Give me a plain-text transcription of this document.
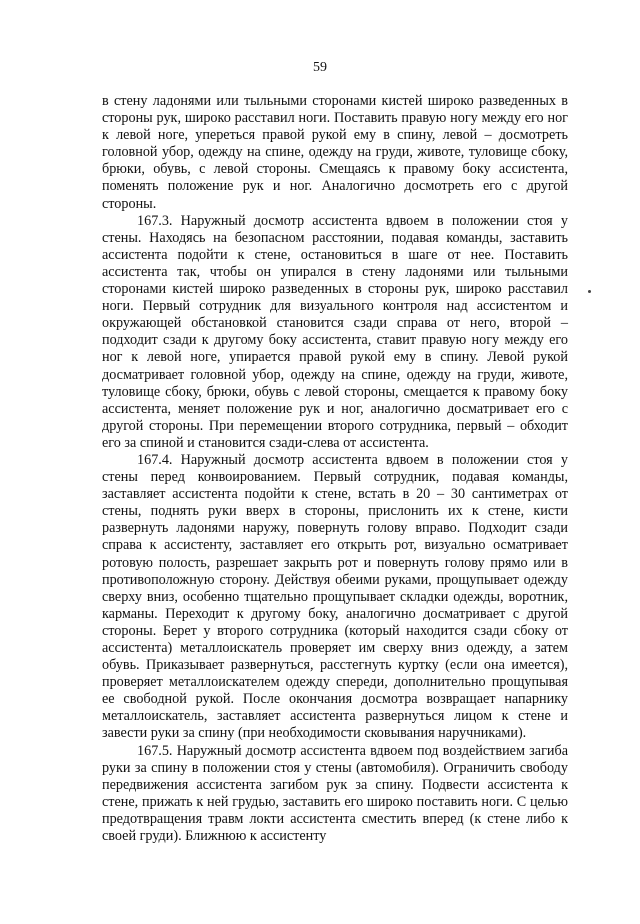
59
в стену ладонями или тыльными сторонами кистей широко разведенных в стороны рук, широко расставил ноги. Поставить правую ногу между его ног к левой ноге, упереться правой рукой ему в спину, левой – досмотреть головной убор, одежду на спине, одежду на груди, животе, туловище сбоку, брюки, обувь, с левой стороны. Смещаясь к правому боку ассистента, поменять положение рук и ног. Аналогично досмотреть его с другой стороны.
167.3. Наружный досмотр ассистента вдвоем в положении стоя у стены. Находясь на безопасном расстоянии, подавая команды, заставить ассистента подойти к стене, остановиться в шаге от нее. Поставить ассистента так, чтобы он упирался в стену ладонями или тыльными сторонами кистей широко разведенных в стороны рук, широко расставил ноги. Первый сотрудник для визуального контроля над ассистентом и окружающей обстановкой становится сзади справа от него, второй – подходит сзади к другому боку ассистента, ставит правую ногу между его ног к левой ноге, упирается правой рукой ему в спину. Левой рукой досматривает головной убор, одежду на спине, одежду на груди, животе, туловище сбоку, брюки, обувь с левой стороны, смещается к правому боку ассистента, меняет положение рук и ног, аналогично досматривает его с другой стороны. При перемещении второго сотрудника, первый – обходит его за спиной и становится сзади-слева от ассистента.
167.4. Наружный досмотр ассистента вдвоем в положении стоя у стены перед конвоированием. Первый сотрудник, подавая команды, заставляет ассистента подойти к стене, встать в 20 – 30 сантиметрах от стены, поднять руки вверх в стороны, прислонить их к стене, кисти развернуть ладонями наружу, повернуть голову вправо. Подходит сзади справа к ассистенту, заставляет его открыть рот, визуально осматривает ротовую полость, разрешает закрыть рот и повернуть голову прямо или в противоположную сторону. Действуя обеими руками, прощупывает одежду сверху вниз, особенно тщательно прощупывает складки одежды, воротник, карманы. Переходит к другому боку, аналогично досматривает с другой стороны. Берет у второго сотрудника (который находится сзади сбоку от ассистента) металлоискатель проверяет им сверху вниз одежду, а затем обувь. Приказывает развернуться, расстегнуть куртку (если она имеется), проверяет металлоискателем одежду спереди, дополнительно прощупывая ее свободной рукой. После окончания досмотра возвращает напарнику металлоискатель, заставляет ассистента развернуться лицом к стене и завести руки за спину (при необходимости сковывания наручниками).
167.5. Наружный досмотр ассистента вдвоем под воздействием загиба руки за спину в положении стоя у стены (автомобиля). Ограничить свободу передвижения ассистента загибом рук за спину. Подвести ассистента к стене, прижать к ней грудью, заставить его широко поставить ноги. С целью предотвращения травм локти ассистента сместить вперед (к стене либо к своей груди). Ближнюю к ассистенту
